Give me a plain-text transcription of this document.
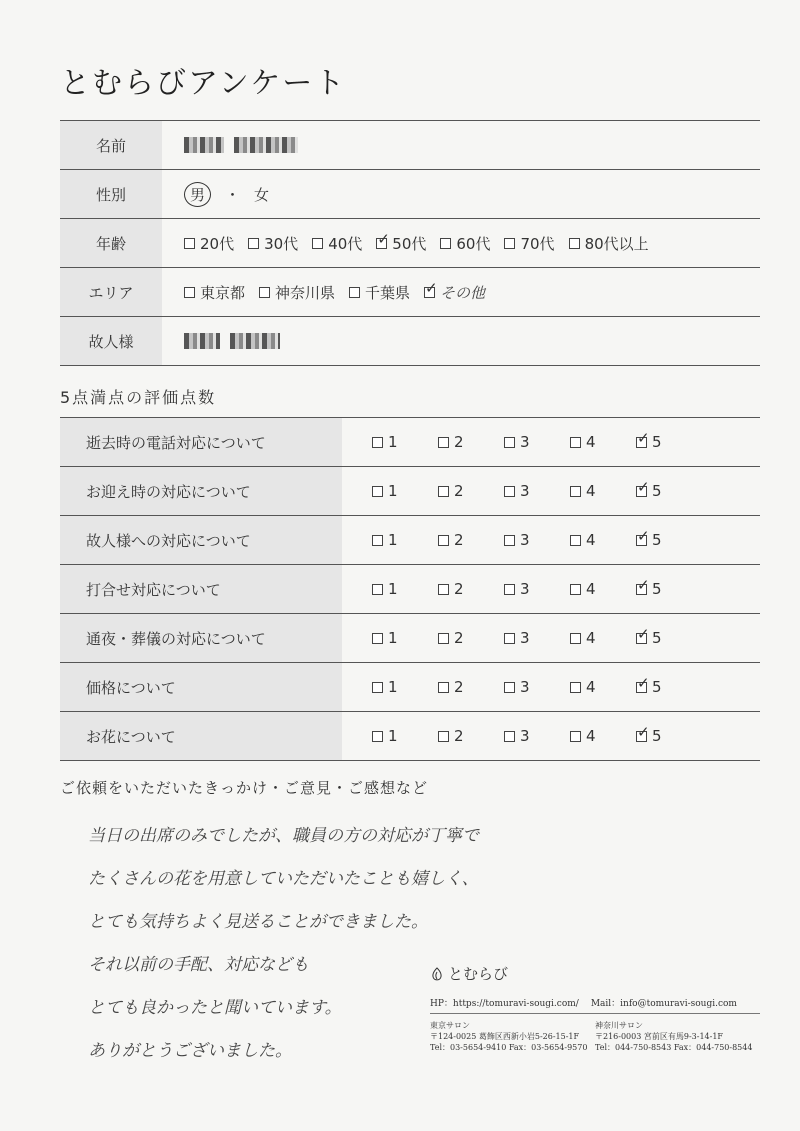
とむらびアンケート
名前
性別	男	・ 女
年齢	20代 30代 40代 ✓ 50代 60代 70代 80代以上
エリア	東京都 神奈川県 千葉県 ✓ その他
故人様
5点満点の評価点数
逝去時の電話対応について	1	2	3	4 ✓	5
お迎え時の対応について	1	2	3	4 ✓	5
故人様への対応について	1	2	3	4 ✓	5
打合せ対応について	1	2	3	4 ✓	5
通夜・葬儀の対応について	1	2	3	4 ✓	5
価格について	1	2	3	4 ✓	5
お花について	1	2	3	4 ✓	5
ご依頼をいただいたきっかけ・ご意見・ご感想など
当日の出席のみでしたが、職員の方の対応が丁寧で
たくさんの花を用意していただいたことも嬉しく、
とても気持ちよく見送ることができました。
それ以前の手配、対応なども
とても良かったと聞いています。
ありがとうございました。
とむらび
HP：https://tomuravi-sougi.com/ Mail：info@tomuravi-sougi.com
東京サロン
〒124-0025 葛飾区西新小岩5-26-15-1F
Tel：03-5654-9410 Fax：03-5654-9570
神奈川サロン
〒216-0003 宮前区有馬9-3-14-1F
Tel：044-750-8543 Fax：044-750-8544
